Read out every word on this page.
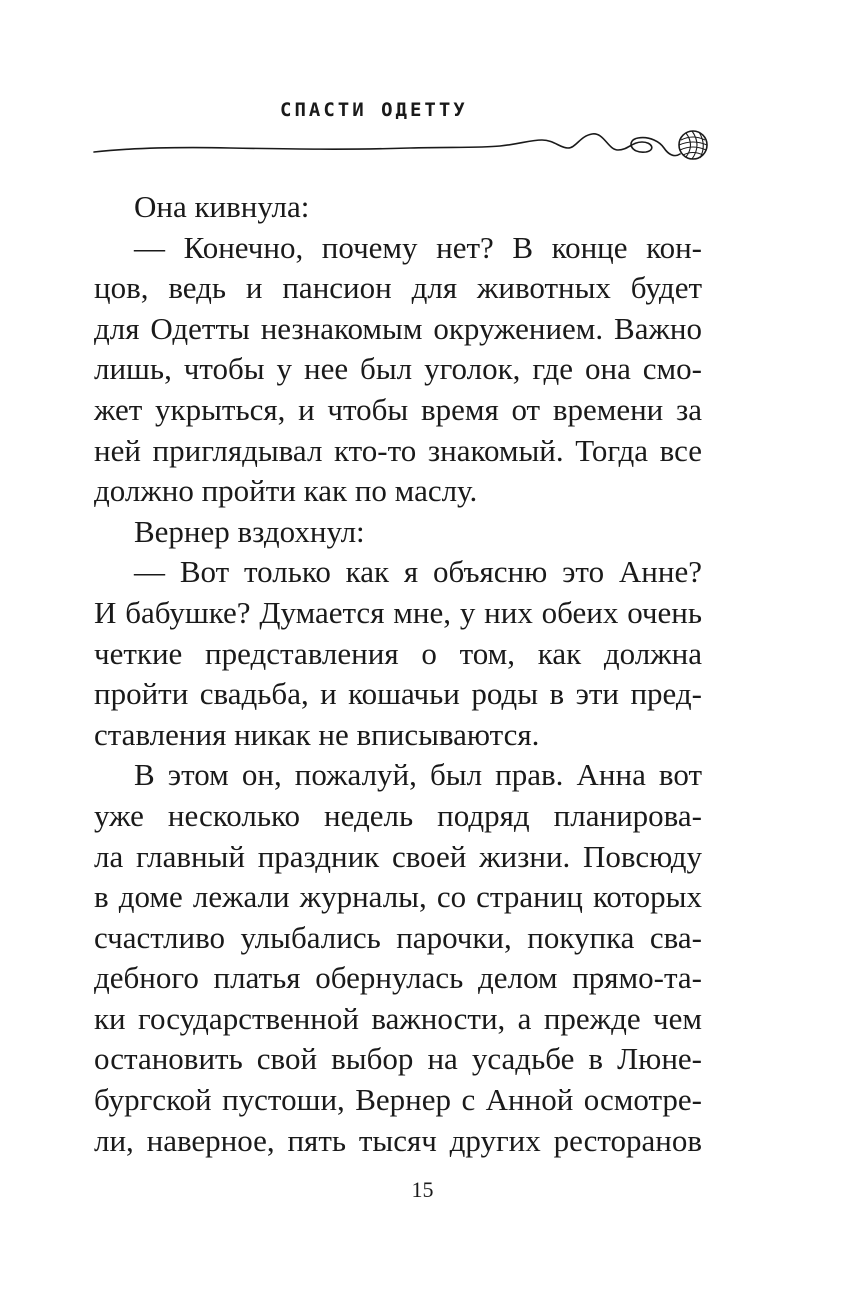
СПАСТИ ОДЕТТУ
Она кивнула:
— Конечно, почему нет? В конце кон-
цов, ведь и пансион для животных будет
для Одетты незнакомым окружением. Важно
лишь, чтобы у нее был уголок, где она смо-
жет укрыться, и чтобы время от времени за
ней приглядывал кто-то знакомый. Тогда все
должно пройти как по маслу.
Вернер вздохнул:
— Вот только как я объясню это Анне?
И бабушке? Думается мне, у них обеих очень
четкие представления о том, как должна
пройти свадьба, и кошачьи роды в эти пред-
ставления никак не вписываются.
В этом он, пожалуй, был прав. Анна вот
уже несколько недель подряд планирова-
ла главный праздник своей жизни. Повсюду
в доме лежали журналы, со страниц которых
счастливо улыбались парочки, покупка сва-
дебного платья обернулась делом прямо-та-
ки государственной важности, а прежде чем
остановить свой выбор на усадьбе в Люне-
бургской пустоши, Вернер с Анной осмотре-
ли, наверное, пять тысяч других ресторанов
15
